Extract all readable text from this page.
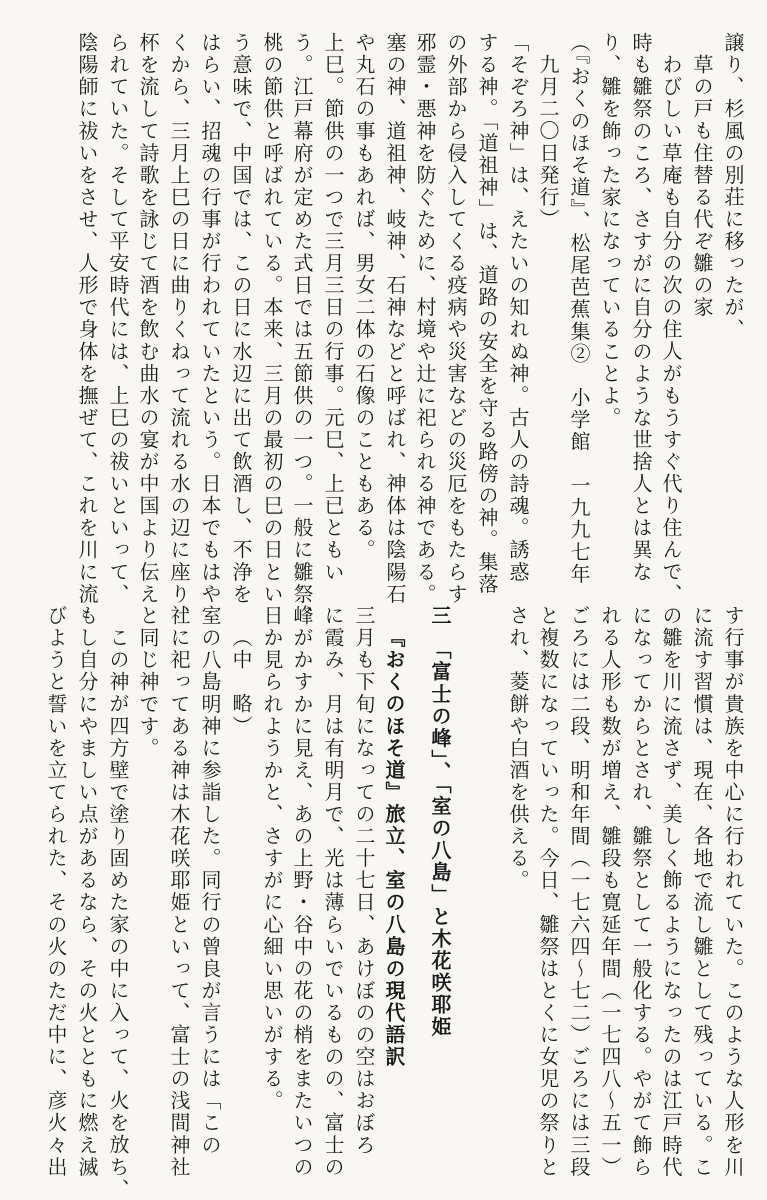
譲り、杉風の別荘に移ったが、
草の戸も住替る代ぞ雛の家
わびしい草庵も自分の次の住人がもうすぐ代り住んで、
時も雛祭のころ、さすがに自分のような世捨人とは異な
り、雛を飾った家になっていることよ。
（『おくのほそ道』、松尾芭蕉集②　小学館　一九九七年
九月二〇日発行）
「そぞろ神」は、えたいの知れぬ神。古人の詩魂。誘惑
する神。「道祖神」は、道路の安全を守る路傍の神。集落
の外部から侵入してくる疫病や災害などの災厄をもたらす
邪霊・悪神を防ぐために、村境や辻に祀られる神である。
塞の神、道祖神、岐神、石神などと呼ばれ、神体は陰陽石
や丸石の事もあれば、男女二体の石像のこともある。
上巳。節供の一つで三月三日の行事。元巳、上已ともい
う。江戸幕府が定めた式日では五節供の一つ。一般に雛祭、
桃の節供と呼ばれている。本来、三月の最初の巳の日とい
う意味で、中国では、この日に水辺に出て飲酒し、不浄を
はらい、招魂の行事が行われていたという。日本でもはや
くから、三月上巳の日に曲りくねって流れる水の辺に座り、
杯を流して詩歌を詠じて酒を飲む曲水の宴が中国より伝え
られていた。そして平安時代には、上巳の祓いといって、
陰陽師に祓いをさせ、人形で身体を撫ぜて、これを川に流
す行事が貴族を中心に行われていた。このような人形を川
に流す習慣は、現在、各地で流し雛として残っている。こ
の雛を川に流さず、美しく飾るようになったのは江戸時代
になってからとされ、雛祭として一般化する。やがて飾ら
れる人形も数が増え、雛段も寛延年間（一七四八～五一）
ごろには二段、明和年間（一七六四～七二）ごろには三段
と複数になっていった。今日、雛祭はとくに女児の祭りと
され、菱餅や白酒を供える。
三　「富士の峰」、「室の八島」と木花咲耶姫
『おくのほそ道』旅立、室の八島の現代語訳
三月も下旬になっての二十七日、あけぼのの空はおぼろ
に霞み、月は有明月で、光は薄らいでいるものの、富士の
峰がかすかに見え、あの上野・谷中の花の梢をまたいつの
日か見られようかと、さすがに心細い思いがする。
（中　略）
室の八島明神に参詣した。同行の曾良が言うには「この
社に祀ってある神は木花咲耶姫といって、富士の浅間神社
と同じ神です。
この神が四方壁で塗り固めた家の中に入って、火を放ち、
もし自分にやましい点があるなら、その火とともに燃え滅
びようと誓いを立てられた、その火のただ中に、彦火々出
